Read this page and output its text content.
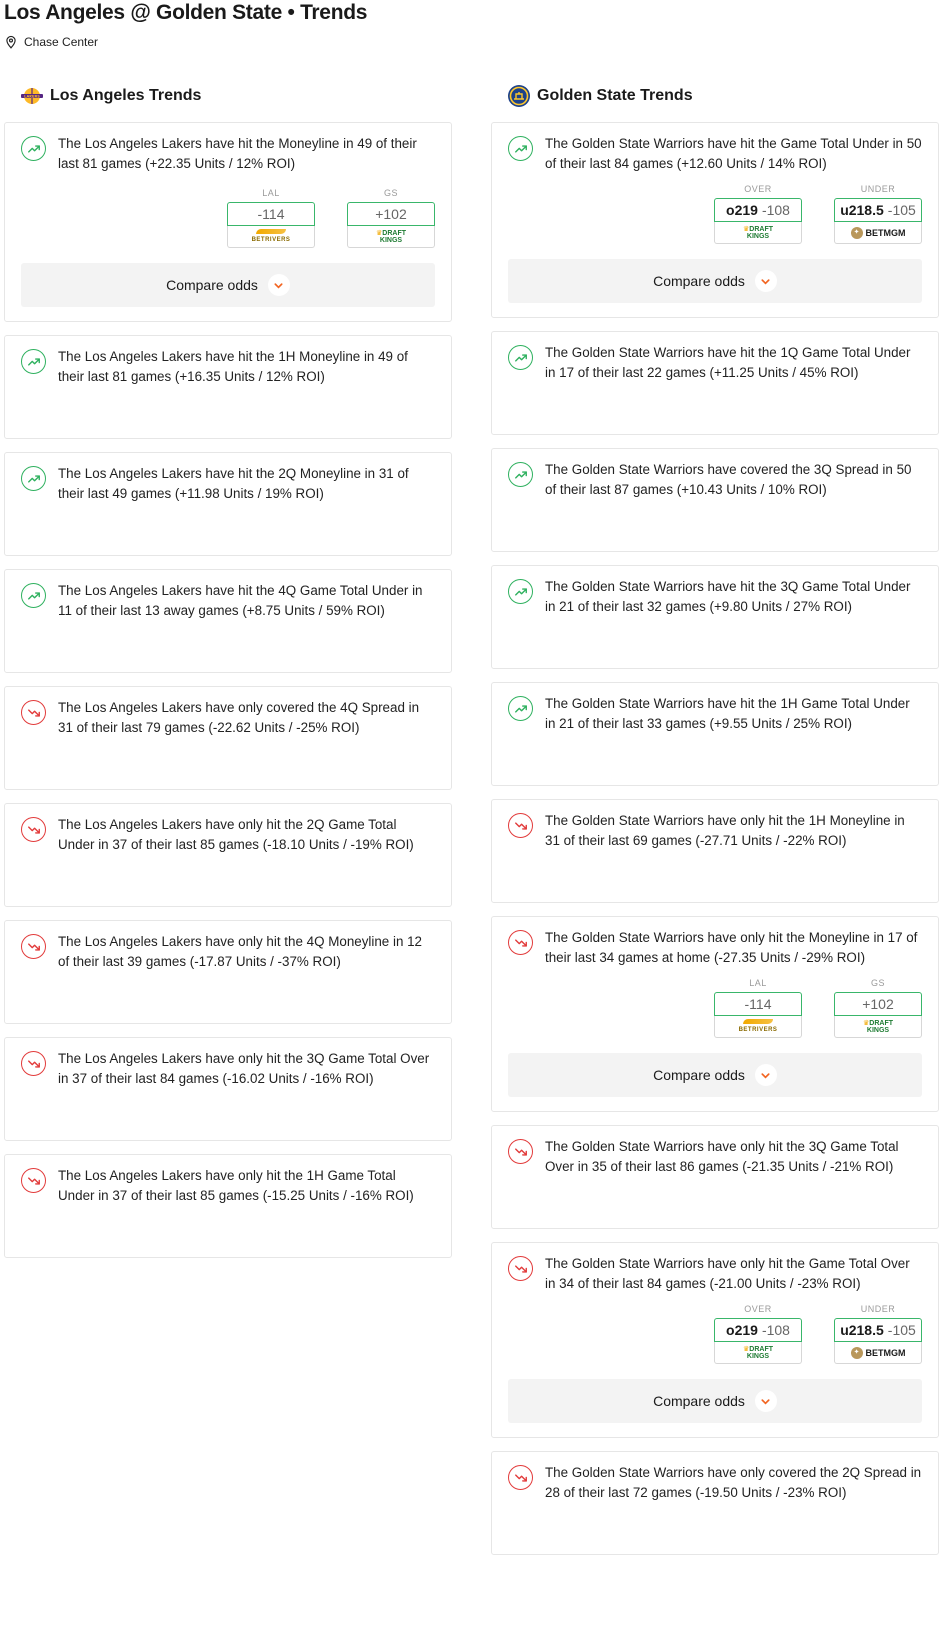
Los Angeles @ Golden State • Trends
Chase Center
LAKERS Los Angeles Trends
The Los Angeles Lakers have hit the Moneyline in 49 of their last 81 games (+22.35 Units / 12% ROI)
LAL
-114
BETRIVERS
GS
+102
♛DRAFT
KINGS
Compare odds
The Los Angeles Lakers have hit the 1H Moneyline in 49 of their last 81 games (+16.35 Units / 12% ROI)
The Los Angeles Lakers have hit the 2Q Moneyline in 31 of their last 49 games (+11.98 Units / 19% ROI)
The Los Angeles Lakers have hit the 4Q Game Total Under in 11 of their last 13 away games (+8.75 Units / 59% ROI)
The Los Angeles Lakers have only covered the 4Q Spread in 31 of their last 79 games (-22.62 Units / -25% ROI)
The Los Angeles Lakers have only hit the 2Q Game Total Under in 37 of their last 85 games (-18.10 Units / -19% ROI)
The Los Angeles Lakers have only hit the 4Q Moneyline in 12 of their last 39 games (-17.87 Units / -37% ROI)
The Los Angeles Lakers have only hit the 3Q Game Total Over in 37 of their last 84 games (-16.02 Units / -16% ROI)
The Los Angeles Lakers have only hit the 1H Game Total Under in 37 of their last 85 games (-15.25 Units / -16% ROI)
Golden State Trends
The Golden State Warriors have hit the Game Total Under in 50 of their last 84 games (+12.60 Units / 14% ROI)
OVER
o219 -108
♛DRAFT
KINGS
UNDER
u218.5 -105
✦ BETMGM
Compare odds
The Golden State Warriors have hit the 1Q Game Total Under in 17 of their last 22 games (+11.25 Units / 45% ROI)
The Golden State Warriors have covered the 3Q Spread in 50 of their last 87 games (+10.43 Units / 10% ROI)
The Golden State Warriors have hit the 3Q Game Total Under in 21 of their last 32 games (+9.80 Units / 27% ROI)
The Golden State Warriors have hit the 1H Game Total Under in 21 of their last 33 games (+9.55 Units / 25% ROI)
The Golden State Warriors have only hit the 1H Moneyline in 31 of their last 69 games (-27.71 Units / -22% ROI)
The Golden State Warriors have only hit the Moneyline in 17 of their last 34 games at home (-27.35 Units / -29% ROI)
LAL
-114
BETRIVERS
GS
+102
♛DRAFT
KINGS
Compare odds
The Golden State Warriors have only hit the 3Q Game Total Over in 35 of their last 86 games (-21.35 Units / -21% ROI)
The Golden State Warriors have only hit the Game Total Over in 34 of their last 84 games (-21.00 Units / -23% ROI)
OVER
o219 -108
♛DRAFT
KINGS
UNDER
u218.5 -105
✦ BETMGM
Compare odds
The Golden State Warriors have only covered the 2Q Spread in 28 of their last 72 games (-19.50 Units / -23% ROI)
